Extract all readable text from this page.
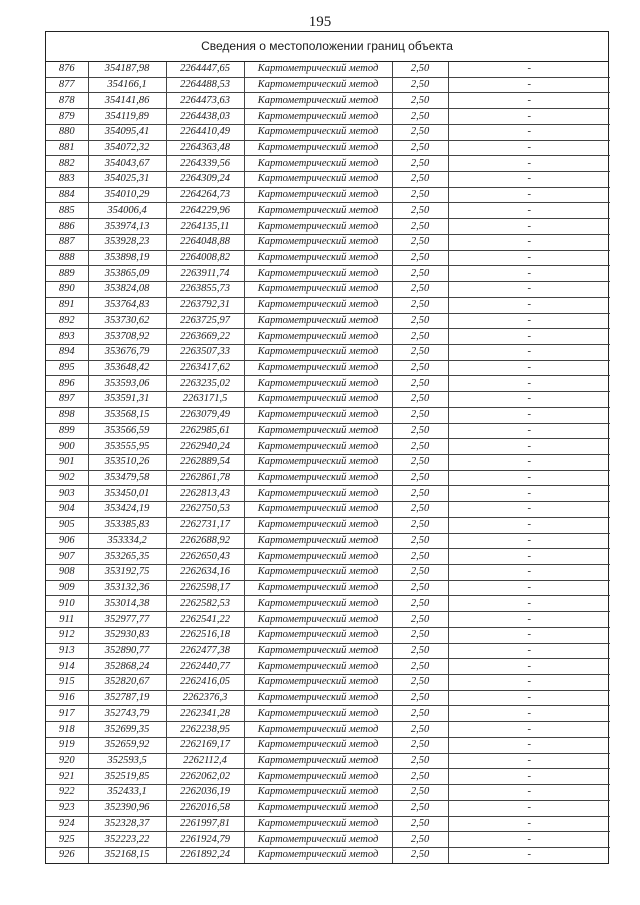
195
Сведения о местоположении границ объекта
876	354187,98	2264447,65	Картометрический метод	2,50	-
877	354166,1	2264488,53	Картометрический метод	2,50	-
878	354141,86	2264473,63	Картометрический метод	2,50	-
879	354119,89	2264438,03	Картометрический метод	2,50	-
880	354095,41	2264410,49	Картометрический метод	2,50	-
881	354072,32	2264363,48	Картометрический метод	2,50	-
882	354043,67	2264339,56	Картометрический метод	2,50	-
883	354025,31	2264309,24	Картометрический метод	2,50	-
884	354010,29	2264264,73	Картометрический метод	2,50	-
885	354006,4	2264229,96	Картометрический метод	2,50	-
886	353974,13	2264135,11	Картометрический метод	2,50	-
887	353928,23	2264048,88	Картометрический метод	2,50	-
888	353898,19	2264008,82	Картометрический метод	2,50	-
889	353865,09	2263911,74	Картометрический метод	2,50	-
890	353824,08	2263855,73	Картометрический метод	2,50	-
891	353764,83	2263792,31	Картометрический метод	2,50	-
892	353730,62	2263725,97	Картометрический метод	2,50	-
893	353708,92	2263669,22	Картометрический метод	2,50	-
894	353676,79	2263507,33	Картометрический метод	2,50	-
895	353648,42	2263417,62	Картометрический метод	2,50	-
896	353593,06	2263235,02	Картометрический метод	2,50	-
897	353591,31	2263171,5	Картометрический метод	2,50	-
898	353568,15	2263079,49	Картометрический метод	2,50	-
899	353566,59	2262985,61	Картометрический метод	2,50	-
900	353555,95	2262940,24	Картометрический метод	2,50	-
901	353510,26	2262889,54	Картометрический метод	2,50	-
902	353479,58	2262861,78	Картометрический метод	2,50	-
903	353450,01	2262813,43	Картометрический метод	2,50	-
904	353424,19	2262750,53	Картометрический метод	2,50	-
905	353385,83	2262731,17	Картометрический метод	2,50	-
906	353334,2	2262688,92	Картометрический метод	2,50	-
907	353265,35	2262650,43	Картометрический метод	2,50	-
908	353192,75	2262634,16	Картометрический метод	2,50	-
909	353132,36	2262598,17	Картометрический метод	2,50	-
910	353014,38	2262582,53	Картометрический метод	2,50	-
911	352977,77	2262541,22	Картометрический метод	2,50	-
912	352930,83	2262516,18	Картометрический метод	2,50	-
913	352890,77	2262477,38	Картометрический метод	2,50	-
914	352868,24	2262440,77	Картометрический метод	2,50	-
915	352820,67	2262416,05	Картометрический метод	2,50	-
916	352787,19	2262376,3	Картометрический метод	2,50	-
917	352743,79	2262341,28	Картометрический метод	2,50	-
918	352699,35	2262238,95	Картометрический метод	2,50	-
919	352659,92	2262169,17	Картометрический метод	2,50	-
920	352593,5	2262112,4	Картометрический метод	2,50	-
921	352519,85	2262062,02	Картометрический метод	2,50	-
922	352433,1	2262036,19	Картометрический метод	2,50	-
923	352390,96	2262016,58	Картометрический метод	2,50	-
924	352328,37	2261997,81	Картометрический метод	2,50	-
925	352223,22	2261924,79	Картометрический метод	2,50	-
926	352168,15	2261892,24	Картометрический метод	2,50	-
